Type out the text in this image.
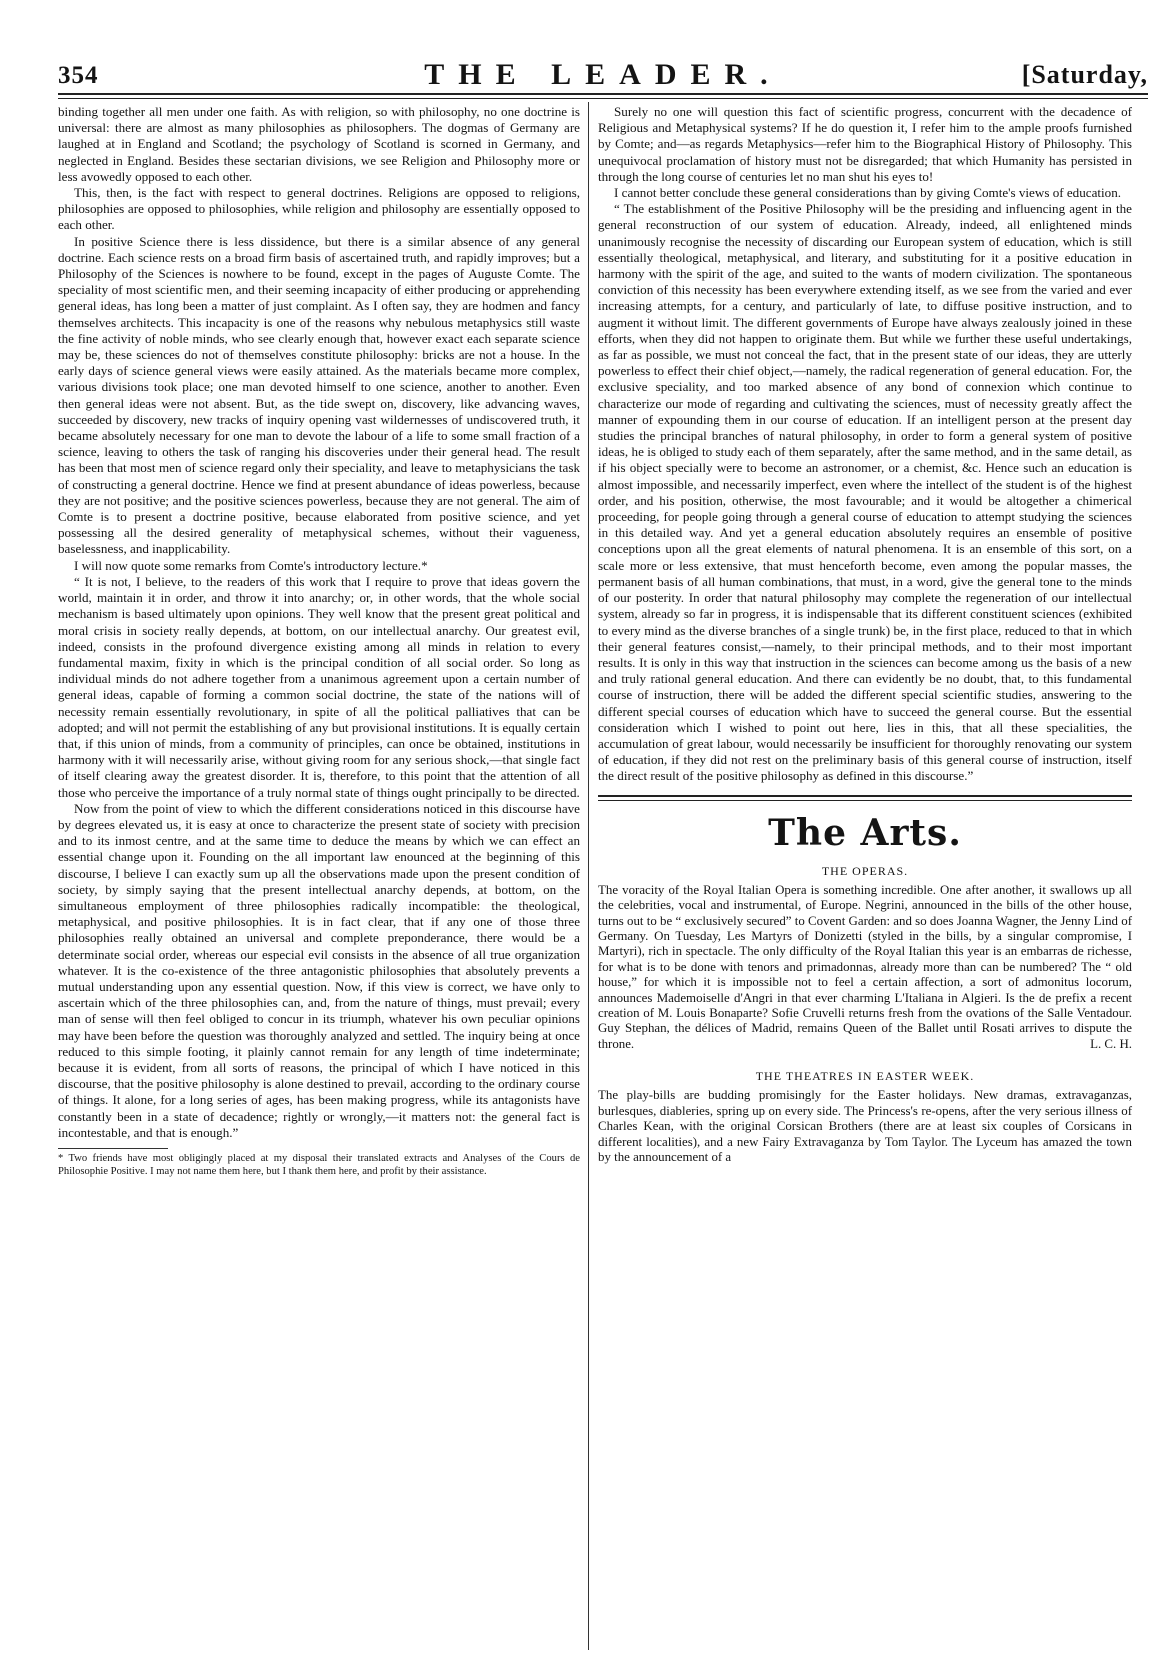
354	THE LEADER.	[Saturday,

binding together all men under one faith. As with religion, so with philosophy, no one doctrine is universal: there are almost as many philosophies as philosophers. The dogmas of Germany are laughed at in England and Scotland; the psychology of Scotland is scorned in Germany, and neglected in England. Besides these sectarian divisions, we see Religion and Philosophy more or less avowedly opposed to each other.

This, then, is the fact with respect to general doctrines. Religions are opposed to religions, philosophies are opposed to philosophies, while religion and philosophy are essentially opposed to each other.

In positive Science there is less dissidence, but there is a similar absence of any general doctrine. Each science rests on a broad firm basis of ascertained truth, and rapidly improves; but a Philosophy of the Sciences is nowhere to be found, except in the pages of Auguste Comte. The speciality of most scientific men, and their seeming incapacity of either producing or apprehending general ideas, has long been a matter of just complaint. As I often say, they are hodmen and fancy themselves architects. This incapacity is one of the reasons why nebulous metaphysics still waste the fine activity of noble minds, who see clearly enough that, however exact each separate science may be, these sciences do not of themselves constitute philosophy: bricks are not a house. In the early days of science general views were easily attained. As the materials became more complex, various divisions took place; one man devoted himself to one science, another to another. Even then general ideas were not absent. But, as the tide swept on, discovery, like advancing waves, succeeded by discovery, new tracks of inquiry opening vast wildernesses of undiscovered truth, it became absolutely necessary for one man to devote the labour of a life to some small fraction of a science, leaving to others the task of ranging his discoveries under their general head. The result has been that most men of science regard only their speciality, and leave to metaphysicians the task of constructing a general doctrine. Hence we find at present abundance of ideas powerless, because they are not positive; and the positive sciences powerless, because they are not general. The aim of Comte is to present a doctrine positive, because elaborated from positive science, and yet possessing all the desired generality of metaphysical schemes, without their vagueness, baselessness, and inapplicability.

I will now quote some remarks from Comte's introductory lecture.*

“ It is not, I believe, to the readers of this work that I require to prove that ideas govern the world, maintain it in order, and throw it into anarchy; or, in other words, that the whole social mechanism is based ultimately upon opinions. They well know that the present great political and moral crisis in society really depends, at bottom, on our intellectual anarchy. Our greatest evil, indeed, consists in the profound divergence existing among all minds in relation to every fundamental maxim, fixity in which is the principal condition of all social order. So long as individual minds do not adhere together from a unanimous agreement upon a certain number of general ideas, capable of forming a common social doctrine, the state of the nations will of necessity remain essentially revolutionary, in spite of all the political palliatives that can be adopted; and will not permit the establishing of any but provisional institutions. It is equally certain that, if this union of minds, from a community of principles, can once be obtained, institutions in harmony with it will necessarily arise, without giving room for any serious shock,—that single fact of itself clearing away the greatest disorder. It is, therefore, to this point that the attention of all those who perceive the importance of a truly normal state of things ought principally to be directed.

Now from the point of view to which the different considerations noticed in this discourse have by degrees elevated us, it is easy at once to characterize the present state of society with precision and to its inmost centre, and at the same time to deduce the means by which we can effect an essential change upon it. Founding on the all important law enounced at the beginning of this discourse, I believe I can exactly sum up all the observations made upon the present condition of society, by simply saying that the present intellectual anarchy depends, at bottom, on the simultaneous employment of three philosophies radically incompatible: the theological, metaphysical, and positive philosophies. It is in fact clear, that if any one of those three philosophies really obtained an universal and complete preponderance, there would be a determinate social order, whereas our especial evil consists in the absence of all true organization whatever. It is the co-existence of the three antagonistic philosophies that absolutely prevents a mutual understanding upon any essential question. Now, if this view is correct, we have only to ascertain which of the three philosophies can, and, from the nature of things, must prevail; every man of sense will then feel obliged to concur in its triumph, whatever his own peculiar opinions may have been before the question was thoroughly analyzed and settled. The inquiry being at once reduced to this simple footing, it plainly cannot remain for any length of time indeterminate; because it is evident, from all sorts of reasons, the principal of which I have noticed in this discourse, that the positive philosophy is alone destined to prevail, according to the ordinary course of things. It alone, for a long series of ages, has been making progress, while its antagonists have constantly been in a state of decadence; rightly or wrongly,—it matters not: the general fact is incontestable, and that is enough.”

* Two friends have most obligingly placed at my disposal their translated extracts and Analyses of the Cours de Philosophie Positive. I may not name them here, but I thank them here, and profit by their assistance.

Surely no one will question this fact of scientific progress, concurrent with the decadence of Religious and Metaphysical systems? If he do question it, I refer him to the ample proofs furnished by Comte; and—as regards Metaphysics—refer him to the Biographical History of Philosophy. This unequivocal proclamation of history must not be disregarded; that which Humanity has persisted in through the long course of centuries let no man shut his eyes to!

I cannot better conclude these general considerations than by giving Comte's views of education.

“ The establishment of the Positive Philosophy will be the presiding and influencing agent in the general reconstruction of our system of education. Already, indeed, all enlightened minds unanimously recognise the necessity of discarding our European system of education, which is still essentially theological, metaphysical, and literary, and substituting for it a positive education in harmony with the spirit of the age, and suited to the wants of modern civilization. The spontaneous conviction of this necessity has been everywhere extending itself, as we see from the varied and ever increasing attempts, for a century, and particularly of late, to diffuse positive instruction, and to augment it without limit. The different governments of Europe have always zealously joined in these efforts, when they did not happen to originate them. But while we further these useful undertakings, as far as possible, we must not conceal the fact, that in the present state of our ideas, they are utterly powerless to effect their chief object,—namely, the radical regeneration of general education. For, the exclusive speciality, and too marked absence of any bond of connexion which continue to characterize our mode of regarding and cultivating the sciences, must of necessity greatly affect the manner of expounding them in our course of education. If an intelligent person at the present day studies the principal branches of natural philosophy, in order to form a general system of positive ideas, he is obliged to study each of them separately, after the same method, and in the same detail, as if his object specially were to become an astronomer, or a chemist, &c. Hence such an education is almost impossible, and necessarily imperfect, even where the intellect of the student is of the highest order, and his position, otherwise, the most favourable; and it would be altogether a chimerical proceeding, for people going through a general course of education to attempt studying the sciences in this detailed way. And yet a general education absolutely requires an ensemble of positive conceptions upon all the great elements of natural phenomena. It is an ensemble of this sort, on a scale more or less extensive, that must henceforth become, even among the popular masses, the permanent basis of all human combinations, that must, in a word, give the general tone to the minds of our posterity. In order that natural philosophy may complete the regeneration of our intellectual system, already so far in progress, it is indispensable that its different constituent sciences (exhibited to every mind as the diverse branches of a single trunk) be, in the first place, reduced to that in which their general features consist,—namely, to their principal methods, and to their most important results. It is only in this way that instruction in the sciences can become among us the basis of a new and truly rational general education. And there can evidently be no doubt, that, to this fundamental course of instruction, there will be added the different special scientific studies, answering to the different special courses of education which have to succeed the general course. But the essential consideration which I wished to point out here, lies in this, that all these specialities, the accumulation of great labour, would necessarily be insufficient for thoroughly renovating our system of education, if they did not rest on the preliminary basis of this general course of instruction, itself the direct result of the positive philosophy as defined in this discourse.”

The Arts.
THE OPERAS.

The voracity of the Royal Italian Opera is something incredible. One after another, it swallows up all the celebrities, vocal and instrumental, of Europe. Negrini, announced in the bills of the other house, turns out to be “ exclusively secured” to Covent Garden: and so does Joanna Wagner, the Jenny Lind of Germany. On Tuesday, Les Martyrs of Donizetti (styled in the bills, by a singular compromise, I Martyri), rich in spectacle. The only difficulty of the Royal Italian this year is an embarras de richesse, for what is to be done with tenors and primadonnas, already more than can be numbered? The “ old house,” for which it is impossible not to feel a certain affection, a sort of admonitus locorum, announces Mademoiselle d'Angri in that ever charming L'Italiana in Algieri. Is the de prefix a recent creation of M. Louis Bonaparte? Sofie Cruvelli returns fresh from the ovations of the Salle Ventadour. Guy Stephan, the délices of Madrid, remains Queen of the Ballet until Rosati arrives to dispute the throne.	L. C. H.

THE THEATRES IN EASTER WEEK.

The play-bills are budding promisingly for the Easter holidays. New dramas, extravaganzas, burlesques, diableries, spring up on every side. The Princess's re-opens, after the very serious illness of Charles Kean, with the original Corsican Brothers (there are at least six couples of Corsicans in different localities), and a new Fairy Extravaganza by Tom Taylor. The Lyceum has amazed the town by the announcement of a
